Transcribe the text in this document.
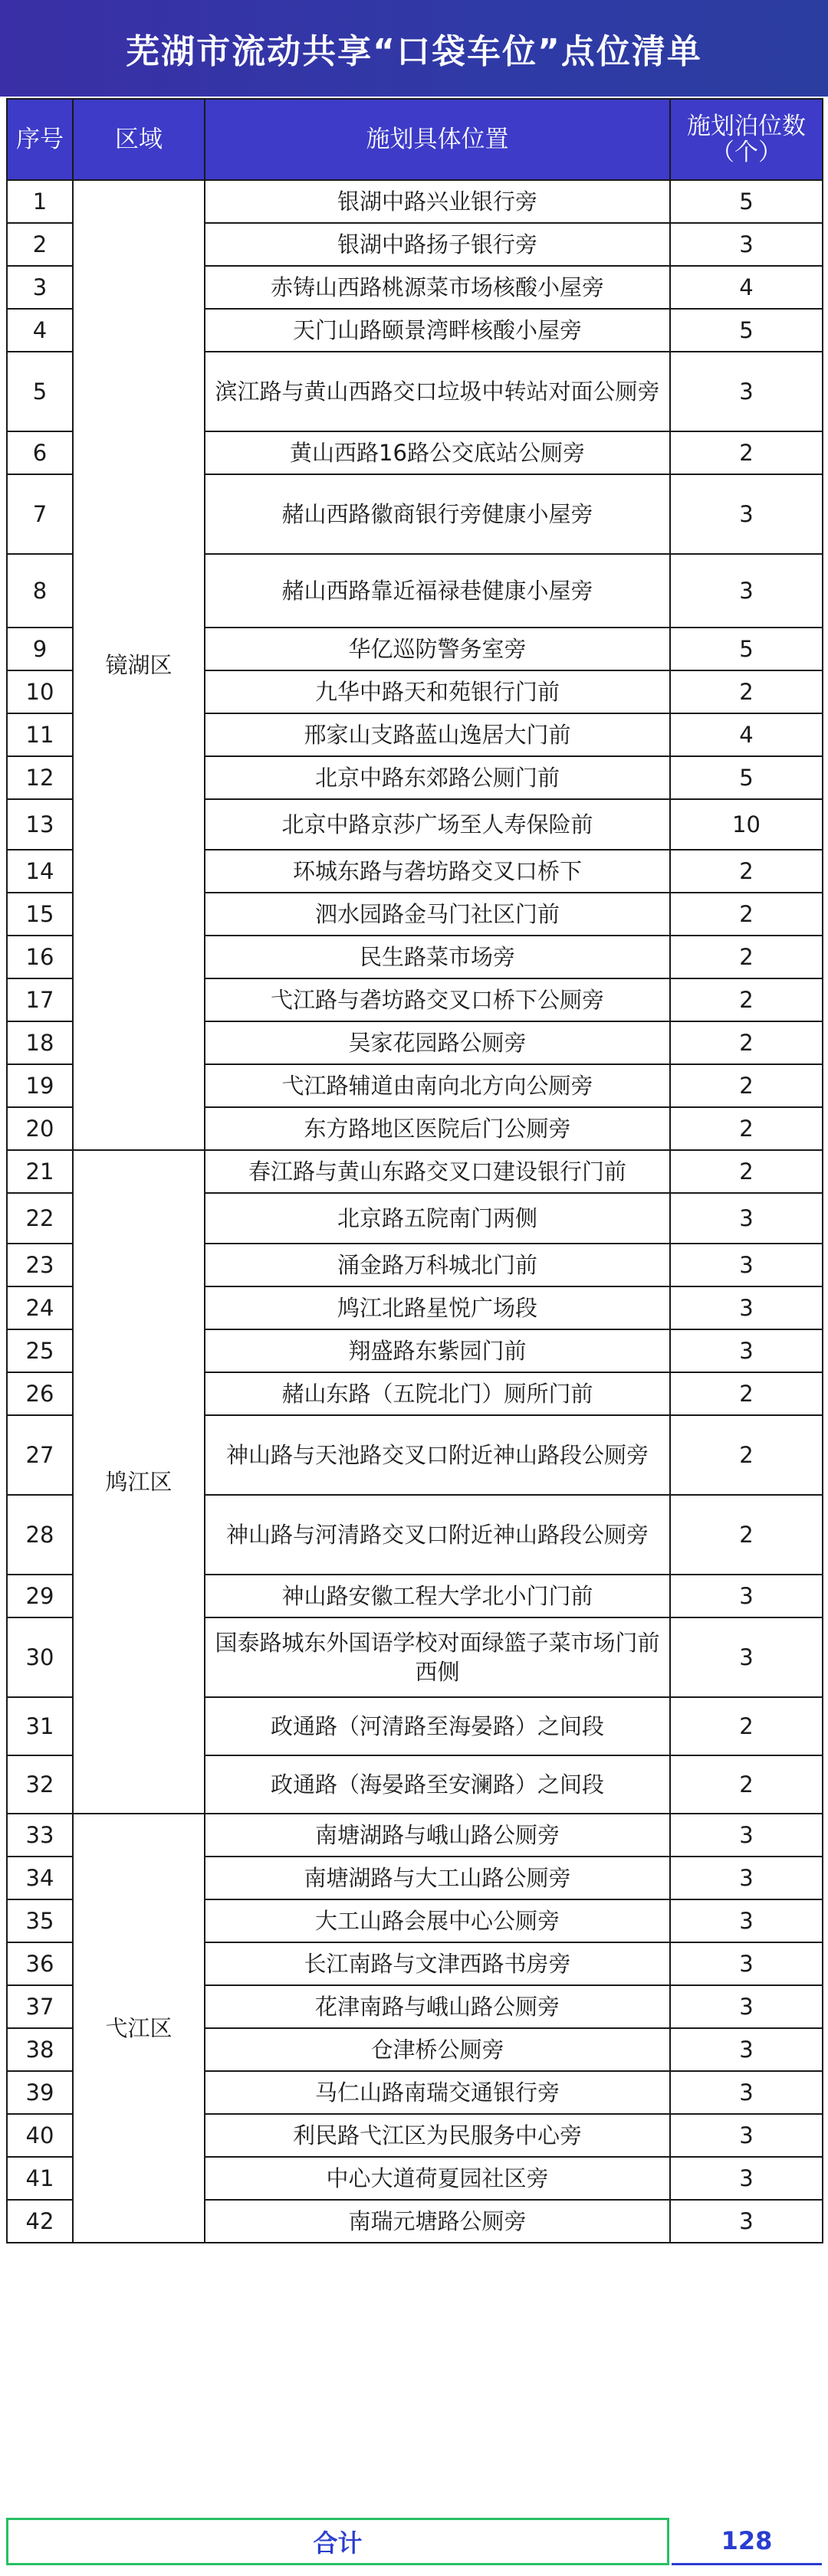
芜湖市流动共享“口袋车位”点位清单
序号	区域	施划具体位置	施划泊位数
（个）

1	镜湖区	银湖中路兴业银行旁	5
2		银湖中路扬子银行旁	3
3		赤铸山西路桃源菜市场核酸小屋旁	4
4		天门山路颐景湾畔核酸小屋旁	5
5		滨江路与黄山西路交口垃圾中转站对面公厕旁	3
6		黄山西路16路公交底站公厕旁	2
7		赭山西路徽商银行旁健康小屋旁	3
8		赭山西路靠近福禄巷健康小屋旁	3
9		华亿巡防警务室旁	5
10		九华中路天和苑银行门前	2
11		邢家山支路蓝山逸居大门前	4
12		北京中路东郊路公厕门前	5
13		北京中路京莎广场至人寿保险前	10
14		环城东路与砻坊路交叉口桥下	2
15		泗水园路金马门社区门前	2
16		民生路菜市场旁	2
17		弋江路与砻坊路交叉口桥下公厕旁	2
18		吴家花园路公厕旁	2
19		弋江路辅道由南向北方向公厕旁	2
20		东方路地区医院后门公厕旁	2
21	鸠江区	春江路与黄山东路交叉口建设银行门前	2
22		北京路五院南门两侧	3
23		涌金路万科城北门前	3
24		鸠江北路星悦广场段	3
25		翔盛路东紫园门前	3
26		赭山东路（五院北门）厕所门前	2
27		神山路与天池路交叉口附近神山路段公厕旁	2
28		神山路与河清路交叉口附近神山路段公厕旁	2
29		神山路安徽工程大学北小门门前	3
30		国泰路城东外国语学校对面绿篮子菜市场门前西侧	3
31		政通路（河清路至海晏路）之间段	2
32		政通路（海晏路至安澜路）之间段	2
33	弋江区	南塘湖路与峨山路公厕旁	3
34		南塘湖路与大工山路公厕旁	3
35		大工山路会展中心公厕旁	3
36		长江南路与文津西路书房旁	3
37		花津南路与峨山路公厕旁	3
38		仓津桥公厕旁	3
39		马仁山路南瑞交通银行旁	3
40		利民路弋江区为民服务中心旁	3
41		中心大道荷夏园社区旁	3
42		南瑞元塘路公厕旁	3
合计	128
